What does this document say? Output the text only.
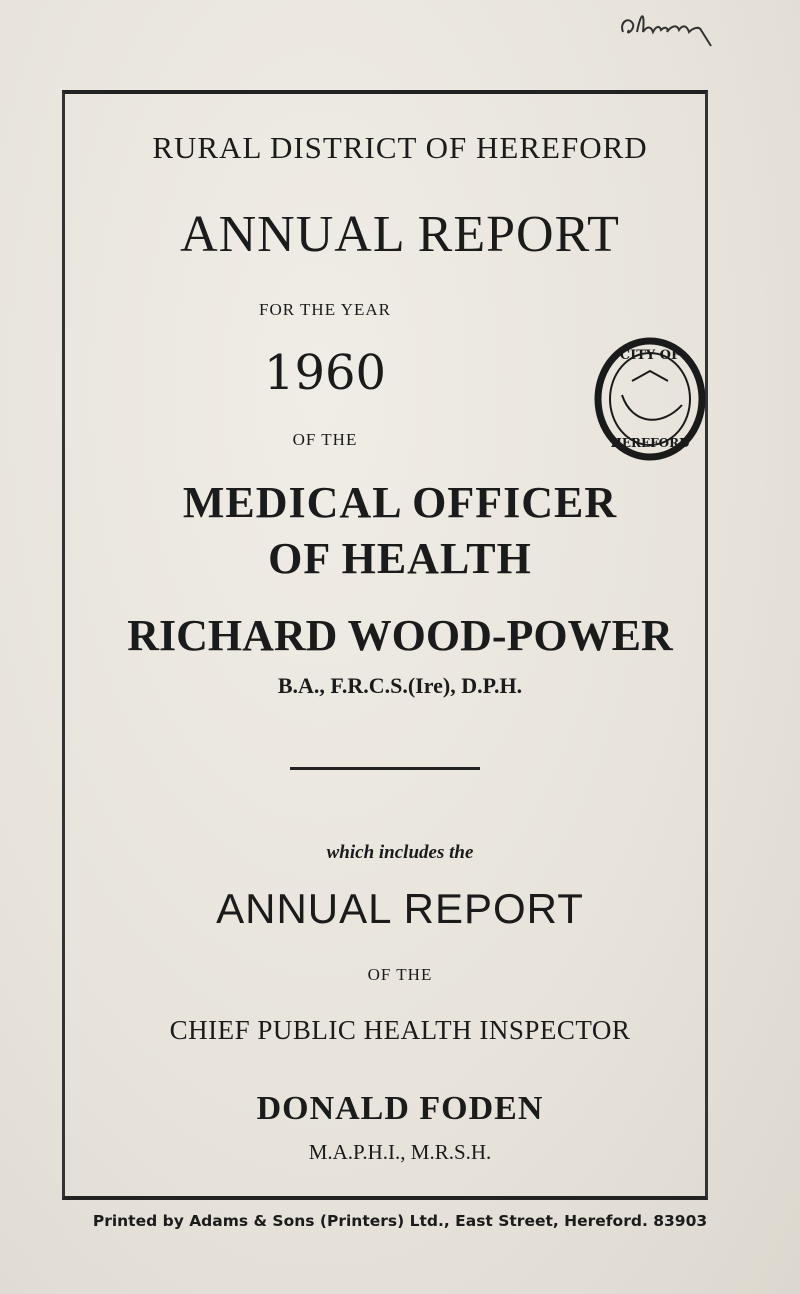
RURAL DISTRICT OF HEREFORD
ANNUAL REPORT
FOR THE YEAR
1960
OF THE
CITY OF
HEREFORD
MEDICAL OFFICER
OF HEALTH
RICHARD WOOD-POWER
B.A., F.R.C.S.(Ire), D.P.H.
which includes the
ANNUAL REPORT
OF THE
CHIEF PUBLIC HEALTH INSPECTOR
DONALD FODEN
M.A.P.H.I., M.R.S.H.
Printed by Adams & Sons (Printers) Ltd., East Street, Hereford. 83903
